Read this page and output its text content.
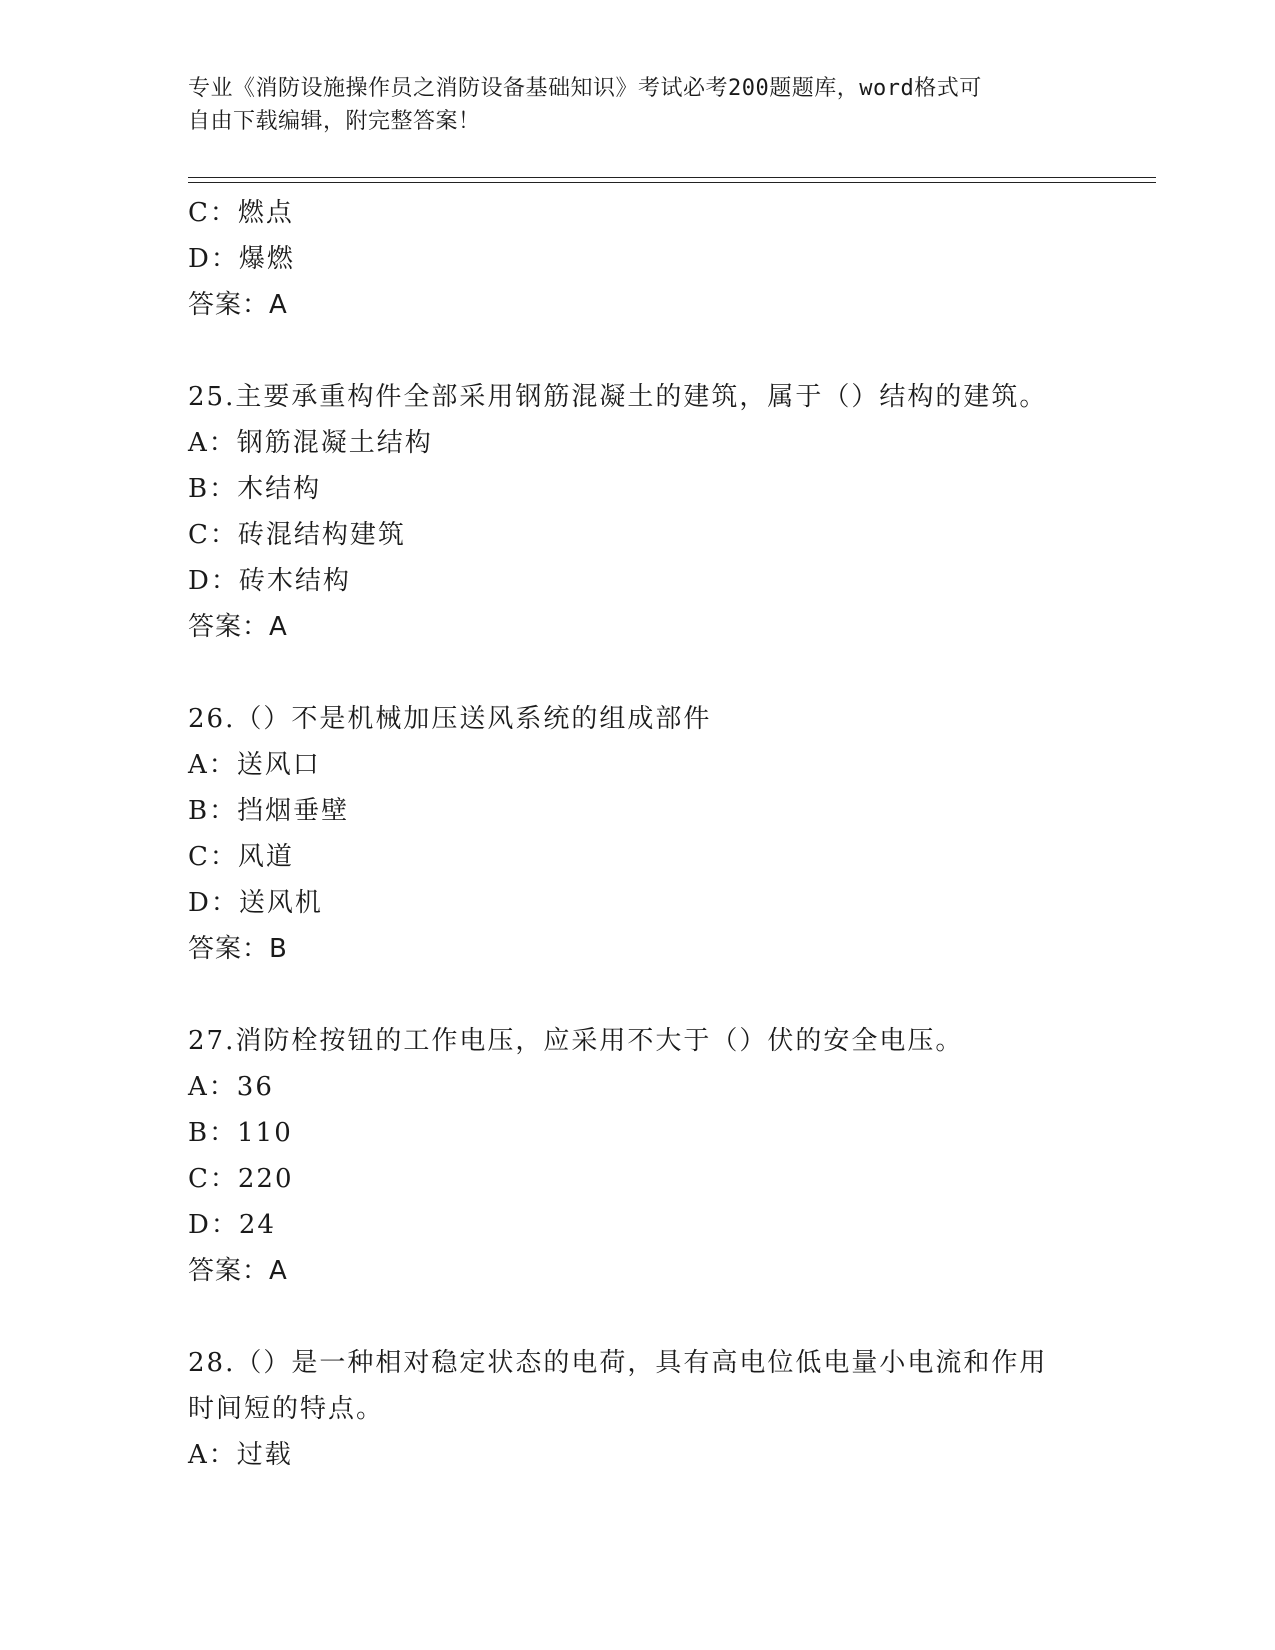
专业《消防设施操作员之消防设备基础知识》考试必考200题题库，word格式可
自由下载编辑，附完整答案！
C：燃点
D：爆燃
答案：A
25.主要承重构件全部采用钢筋混凝土的建筑，属于（）结构的建筑。
A：钢筋混凝土结构
B：木结构
C：砖混结构建筑
D：砖木结构
答案：A
26.（）不是机械加压送风系统的组成部件
A：送风口
B：挡烟垂壁
C：风道
D：送风机
答案：B
27.消防栓按钮的工作电压，应采用不大于（）伏的安全电压。
A：36
B：110
C：220
D：24
答案：A
28.（）是一种相对稳定状态的电荷，具有高电位低电量小电流和作用
时间短的特点。
A：过载
